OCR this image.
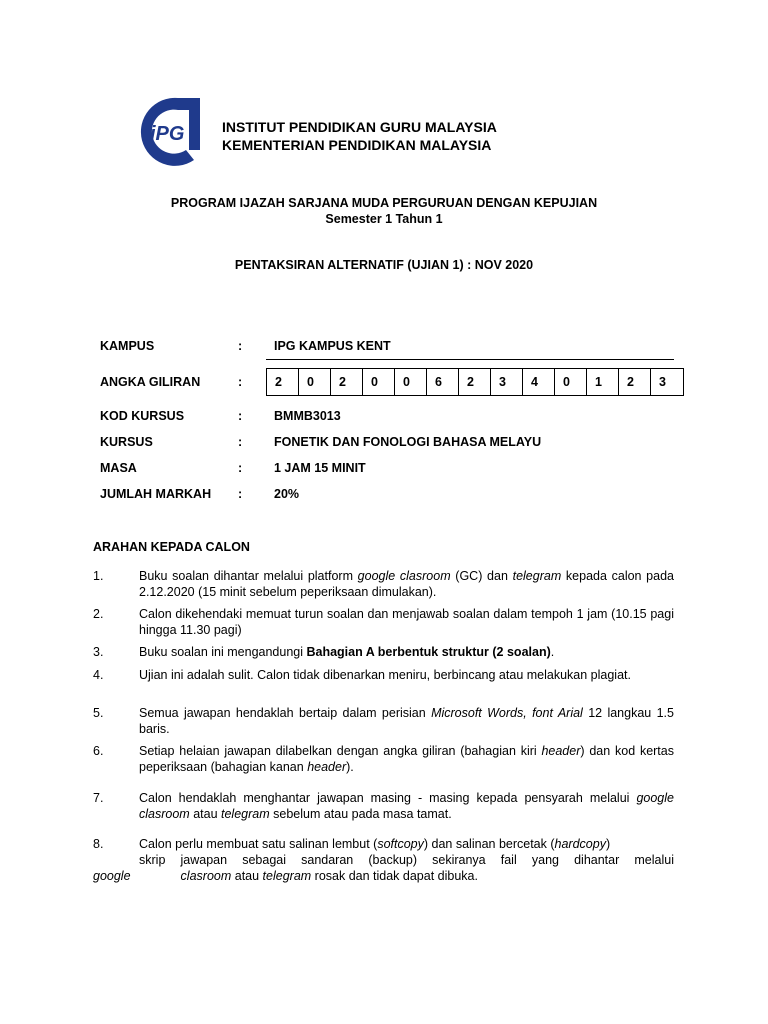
iPG	INSTITUT PENDIDIKAN GURU MALAYSIA
KEMENTERIAN PENDIDIKAN MALAYSIA
PROGRAM IJAZAH SARJANA MUDA PERGURUAN DENGAN KEPUJIAN
Semester 1 Tahun 1
PENTAKSIRAN ALTERNATIF (UJIAN 1) : NOV 2020
KAMPUS	:	IPG KAMPUS KENT
ANGKA GILIRAN	:	2	0	2	0	0	6	2	3	4	0	1	2	3
KOD KURSUS	:	BMMB3013
KURSUS	:	FONETIK DAN FONOLOGI BAHASA MELAYU
MASA	:	1 JAM 15 MINIT
JUMLAH MARKAH :	20%
ARAHAN KEPADA CALON
1.	Buku soalan dihantar melalui platform google clasroom (GC) dan telegram kepada calon pada 2.12.2020 (15 minit sebelum peperiksaan dimulakan).
2.	Calon dikehendaki memuat turun soalan dan menjawab soalan dalam tempoh 1 jam (10.15 pagi hingga 11.30 pagi)
3.	Buku soalan ini mengandungi Bahagian A berbentuk struktur (2 soalan).
4.	Ujian ini adalah sulit. Calon tidak dibenarkan meniru, berbincang atau melakukan plagiat.
5.	Semua jawapan hendaklah bertaip dalam perisian Microsoft Words, font Arial 12 langkau 1.5 baris.
6.	Setiap helaian jawapan dilabelkan dengan angka giliran (bahagian kiri header) dan kod kertas peperiksaan (bahagian kanan header).
7.	Calon hendaklah menghantar jawapan masing - masing kepada pensyarah melalui google clasroom atau telegram sebelum atau pada masa tamat.
8.	Calon perlu membuat satu salinan lembut (softcopy) dan salinan bercetak (hardcopy)
skrip jawapan sebagai sandaran (backup) sekiranya fail yang dihantar melalui
google	clasroom atau telegram rosak dan tidak dapat dibuka.
